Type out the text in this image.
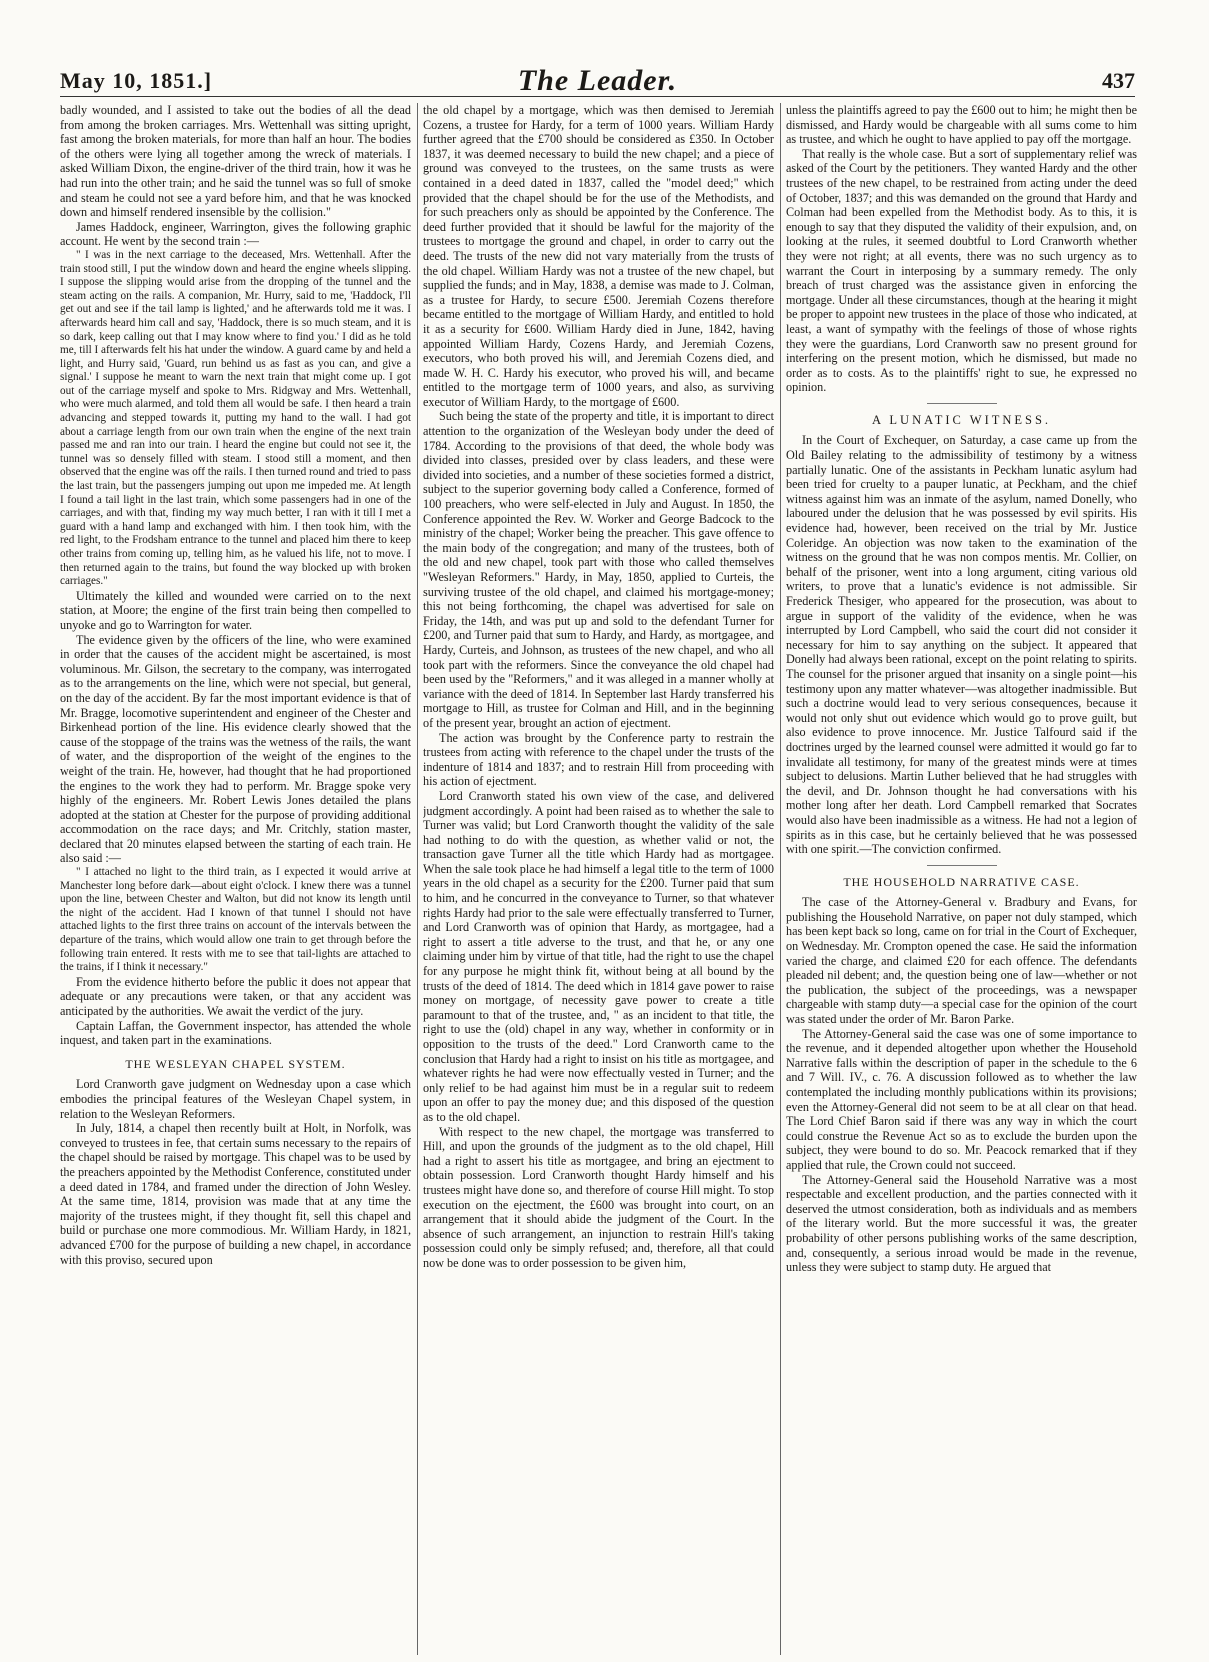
May 10, 1851.]	The Leader.	437

badly wounded, and I assisted to take out the bodies of all the dead from among the broken carriages. Mrs. Wettenhall was sitting upright, fast among the broken materials, for more than half an hour. The bodies of the others were lying all together among the wreck of materials. I asked William Dixon, the engine-driver of the third train, how it was he had run into the other train; and he said the tunnel was so full of smoke and steam he could not see a yard before him, and that he was knocked down and himself rendered insensible by the collision."

James Haddock, engineer, Warrington, gives the following graphic account. He went by the second train :—

" I was in the next carriage to the deceased, Mrs. Wettenhall. After the train stood still, I put the window down and heard the engine wheels slipping. I suppose the slipping would arise from the dropping of the tunnel and the steam acting on the rails. A companion, Mr. Hurry, said to me, 'Haddock, I'll get out and see if the tail lamp is lighted,' and he afterwards told me it was. I afterwards heard him call and say, 'Haddock, there is so much steam, and it is so dark, keep calling out that I may know where to find you.' I did as he told me, till I afterwards felt his hat under the window. A guard came by and held a light, and Hurry said, 'Guard, run behind us as fast as you can, and give a signal.' I suppose he meant to warn the next train that might come up. I got out of the carriage myself and spoke to Mrs. Ridgway and Mrs. Wettenhall, who were much alarmed, and told them all would be safe. I then heard a train advancing and stepped towards it, putting my hand to the wall. I had got about a carriage length from our own train when the engine of the next train passed me and ran into our train. I heard the engine but could not see it, the tunnel was so densely filled with steam. I stood still a moment, and then observed that the engine was off the rails. I then turned round and tried to pass the last train, but the passengers jumping out upon me impeded me. At length I found a tail light in the last train, which some passengers had in one of the carriages, and with that, finding my way much better, I ran with it till I met a guard with a hand lamp and exchanged with him. I then took him, with the red light, to the Frodsham entrance to the tunnel and placed him there to keep other trains from coming up, telling him, as he valued his life, not to move. I then returned again to the trains, but found the way blocked up with broken carriages."

Ultimately the killed and wounded were carried on to the next station, at Moore; the engine of the first train being then compelled to unyoke and go to Warrington for water.

The evidence given by the officers of the line, who were examined in order that the causes of the accident might be ascertained, is most voluminous. Mr. Gilson, the secretary to the company, was interrogated as to the arrangements on the line, which were not special, but general, on the day of the accident. By far the most important evidence is that of Mr. Bragge, locomotive superintendent and engineer of the Chester and Birkenhead portion of the line. His evidence clearly showed that the cause of the stoppage of the trains was the wetness of the rails, the want of water, and the disproportion of the weight of the engines to the weight of the train. He, however, had thought that he had proportioned the engines to the work they had to perform. Mr. Bragge spoke very highly of the engineers. Mr. Robert Lewis Jones detailed the plans adopted at the station at Chester for the purpose of providing additional accommodation on the race days; and Mr. Critchly, station master, declared that 20 minutes elapsed between the starting of each train. He also said :—

" I attached no light to the third train, as I expected it would arrive at Manchester long before dark—about eight o'clock. I knew there was a tunnel upon the line, between Chester and Walton, but did not know its length until the night of the accident. Had I known of that tunnel I should not have attached lights to the first three trains on account of the intervals between the departure of the trains, which would allow one train to get through before the following train entered. It rests with me to see that tail-lights are attached to the trains, if I think it necessary."

From the evidence hitherto before the public it does not appear that adequate or any precautions were taken, or that any accident was anticipated by the authorities. We await the verdict of the jury.

Captain Laffan, the Government inspector, has attended the whole inquest, and taken part in the examinations.

THE WESLEYAN CHAPEL SYSTEM.

Lord Cranworth gave judgment on Wednesday upon a case which embodies the principal features of the Wesleyan Chapel system, in relation to the Wesleyan Reformers.

In July, 1814, a chapel then recently built at Holt, in Norfolk, was conveyed to trustees in fee, that certain sums necessary to the repairs of the chapel should be raised by mortgage. This chapel was to be used by the preachers appointed by the Methodist Conference, constituted under a deed dated in 1784, and framed under the direction of John Wesley. At the same time, 1814, provision was made that at any time the majority of the trustees might, if they thought fit, sell this chapel and build or purchase one more commodious. Mr. William Hardy, in 1821, advanced £700 for the purpose of building a new chapel, in accordance with this proviso, secured upon

the old chapel by a mortgage, which was then demised to Jeremiah Cozens, a trustee for Hardy, for a term of 1000 years. William Hardy further agreed that the £700 should be considered as £350. In October 1837, it was deemed necessary to build the new chapel; and a piece of ground was conveyed to the trustees, on the same trusts as were contained in a deed dated in 1837, called the "model deed;" which provided that the chapel should be for the use of the Methodists, and for such preachers only as should be appointed by the Conference. The deed further provided that it should be lawful for the majority of the trustees to mortgage the ground and chapel, in order to carry out the deed. The trusts of the new did not vary materially from the trusts of the old chapel. William Hardy was not a trustee of the new chapel, but supplied the funds; and in May, 1838, a demise was made to J. Colman, as a trustee for Hardy, to secure £500. Jeremiah Cozens therefore became entitled to the mortgage of William Hardy, and entitled to hold it as a security for £600. William Hardy died in June, 1842, having appointed William Hardy, Cozens Hardy, and Jeremiah Cozens, executors, who both proved his will, and Jeremiah Cozens died, and made W. H. C. Hardy his executor, who proved his will, and became entitled to the mortgage term of 1000 years, and also, as surviving executor of William Hardy, to the mortgage of £600.

Such being the state of the property and title, it is important to direct attention to the organization of the Wesleyan body under the deed of 1784. According to the provisions of that deed, the whole body was divided into classes, presided over by class leaders, and these were divided into societies, and a number of these societies formed a district, subject to the superior governing body called a Conference, formed of 100 preachers, who were self-elected in July and August. In 1850, the Conference appointed the Rev. W. Worker and George Badcock to the ministry of the chapel; Worker being the preacher. This gave offence to the main body of the congregation; and many of the trustees, both of the old and new chapel, took part with those who called themselves "Wesleyan Reformers." Hardy, in May, 1850, applied to Curteis, the surviving trustee of the old chapel, and claimed his mortgage-money; this not being forthcoming, the chapel was advertised for sale on Friday, the 14th, and was put up and sold to the defendant Turner for £200, and Turner paid that sum to Hardy, and Hardy, as mortgagee, and Hardy, Curteis, and Johnson, as trustees of the new chapel, and who all took part with the reformers. Since the conveyance the old chapel had been used by the "Reformers," and it was alleged in a manner wholly at variance with the deed of 1814. In September last Hardy transferred his mortgage to Hill, as trustee for Colman and Hill, and in the beginning of the present year, brought an action of ejectment.

The action was brought by the Conference party to restrain the trustees from acting with reference to the chapel under the trusts of the indenture of 1814 and 1837; and to restrain Hill from proceeding with his action of ejectment.

Lord Cranworth stated his own view of the case, and delivered judgment accordingly. A point had been raised as to whether the sale to Turner was valid; but Lord Cranworth thought the validity of the sale had nothing to do with the question, as whether valid or not, the transaction gave Turner all the title which Hardy had as mortgagee. When the sale took place he had himself a legal title to the term of 1000 years in the old chapel as a security for the £200. Turner paid that sum to him, and he concurred in the conveyance to Turner, so that whatever rights Hardy had prior to the sale were effectually transferred to Turner, and Lord Cranworth was of opinion that Hardy, as mortgagee, had a right to assert a title adverse to the trust, and that he, or any one claiming under him by virtue of that title, had the right to use the chapel for any purpose he might think fit, without being at all bound by the trusts of the deed of 1814. The deed which in 1814 gave power to raise money on mortgage, of necessity gave power to create a title paramount to that of the trustee, and, " as an incident to that title, the right to use the (old) chapel in any way, whether in conformity or in opposition to the trusts of the deed." Lord Cranworth came to the conclusion that Hardy had a right to insist on his title as mortgagee, and whatever rights he had were now effectually vested in Turner; and the only relief to be had against him must be in a regular suit to redeem upon an offer to pay the money due; and this disposed of the question as to the old chapel.

With respect to the new chapel, the mortgage was transferred to Hill, and upon the grounds of the judgment as to the old chapel, Hill had a right to assert his title as mortgagee, and bring an ejectment to obtain possession. Lord Cranworth thought Hardy himself and his trustees might have done so, and therefore of course Hill might. To stop execution on the ejectment, the £600 was brought into court, on an arrangement that it should abide the judgment of the Court. In the absence of such arrangement, an injunction to restrain Hill's taking possession could only be simply refused; and, therefore, all that could now be done was to order possession to be given him,

unless the plaintiffs agreed to pay the £600 out to him; he might then be dismissed, and Hardy would be chargeable with all sums come to him as trustee, and which he ought to have applied to pay off the mortgage.

That really is the whole case. But a sort of supplementary relief was asked of the Court by the petitioners. They wanted Hardy and the other trustees of the new chapel, to be restrained from acting under the deed of October, 1837; and this was demanded on the ground that Hardy and Colman had been expelled from the Methodist body. As to this, it is enough to say that they disputed the validity of their expulsion, and, on looking at the rules, it seemed doubtful to Lord Cranworth whether they were not right; at all events, there was no such urgency as to warrant the Court in interposing by a summary remedy. The only breach of trust charged was the assistance given in enforcing the mortgage. Under all these circumstances, though at the hearing it might be proper to appoint new trustees in the place of those who indicated, at least, a want of sympathy with the feelings of those of whose rights they were the guardians, Lord Cranworth saw no present ground for interfering on the present motion, which he dismissed, but made no order as to costs. As to the plaintiffs' right to sue, he expressed no opinion.

A LUNATIC WITNESS.

In the Court of Exchequer, on Saturday, a case came up from the Old Bailey relating to the admissibility of testimony by a witness partially lunatic. One of the assistants in Peckham lunatic asylum had been tried for cruelty to a pauper lunatic, at Peckham, and the chief witness against him was an inmate of the asylum, named Donelly, who laboured under the delusion that he was possessed by evil spirits. His evidence had, however, been received on the trial by Mr. Justice Coleridge. An objection was now taken to the examination of the witness on the ground that he was non compos mentis. Mr. Collier, on behalf of the prisoner, went into a long argument, citing various old writers, to prove that a lunatic's evidence is not admissible. Sir Frederick Thesiger, who appeared for the prosecution, was about to argue in support of the validity of the evidence, when he was interrupted by Lord Campbell, who said the court did not consider it necessary for him to say anything on the subject. It appeared that Donelly had always been rational, except on the point relating to spirits. The counsel for the prisoner argued that insanity on a single point—his testimony upon any matter whatever—was altogether inadmissible. But such a doctrine would lead to very serious consequences, because it would not only shut out evidence which would go to prove guilt, but also evidence to prove innocence. Mr. Justice Talfourd said if the doctrines urged by the learned counsel were admitted it would go far to invalidate all testimony, for many of the greatest minds were at times subject to delusions. Martin Luther believed that he had struggles with the devil, and Dr. Johnson thought he had conversations with his mother long after her death. Lord Campbell remarked that Socrates would also have been inadmissible as a witness. He had not a legion of spirits as in this case, but he certainly believed that he was possessed with one spirit.—The conviction confirmed.

THE HOUSEHOLD NARRATIVE CASE.

The case of the Attorney-General v. Bradbury and Evans, for publishing the Household Narrative, on paper not duly stamped, which has been kept back so long, came on for trial in the Court of Exchequer, on Wednesday. Mr. Crompton opened the case. He said the information varied the charge, and claimed £20 for each offence. The defendants pleaded nil debent; and, the question being one of law—whether or not the publication, the subject of the proceedings, was a newspaper chargeable with stamp duty—a special case for the opinion of the court was stated under the order of Mr. Baron Parke.

The Attorney-General said the case was one of some importance to the revenue, and it depended altogether upon whether the Household Narrative falls within the description of paper in the schedule to the 6 and 7 Will. IV., c. 76. A discussion followed as to whether the law contemplated the including monthly publications within its provisions; even the Attorney-General did not seem to be at all clear on that head. The Lord Chief Baron said if there was any way in which the court could construe the Revenue Act so as to exclude the burden upon the subject, they were bound to do so. Mr. Peacock remarked that if they applied that rule, the Crown could not succeed.

The Attorney-General said the Household Narrative was a most respectable and excellent production, and the parties connected with it deserved the utmost consideration, both as individuals and as members of the literary world. But the more successful it was, the greater probability of other persons publishing works of the same description, and, consequently, a serious inroad would be made in the revenue, unless they were subject to stamp duty. He argued that
